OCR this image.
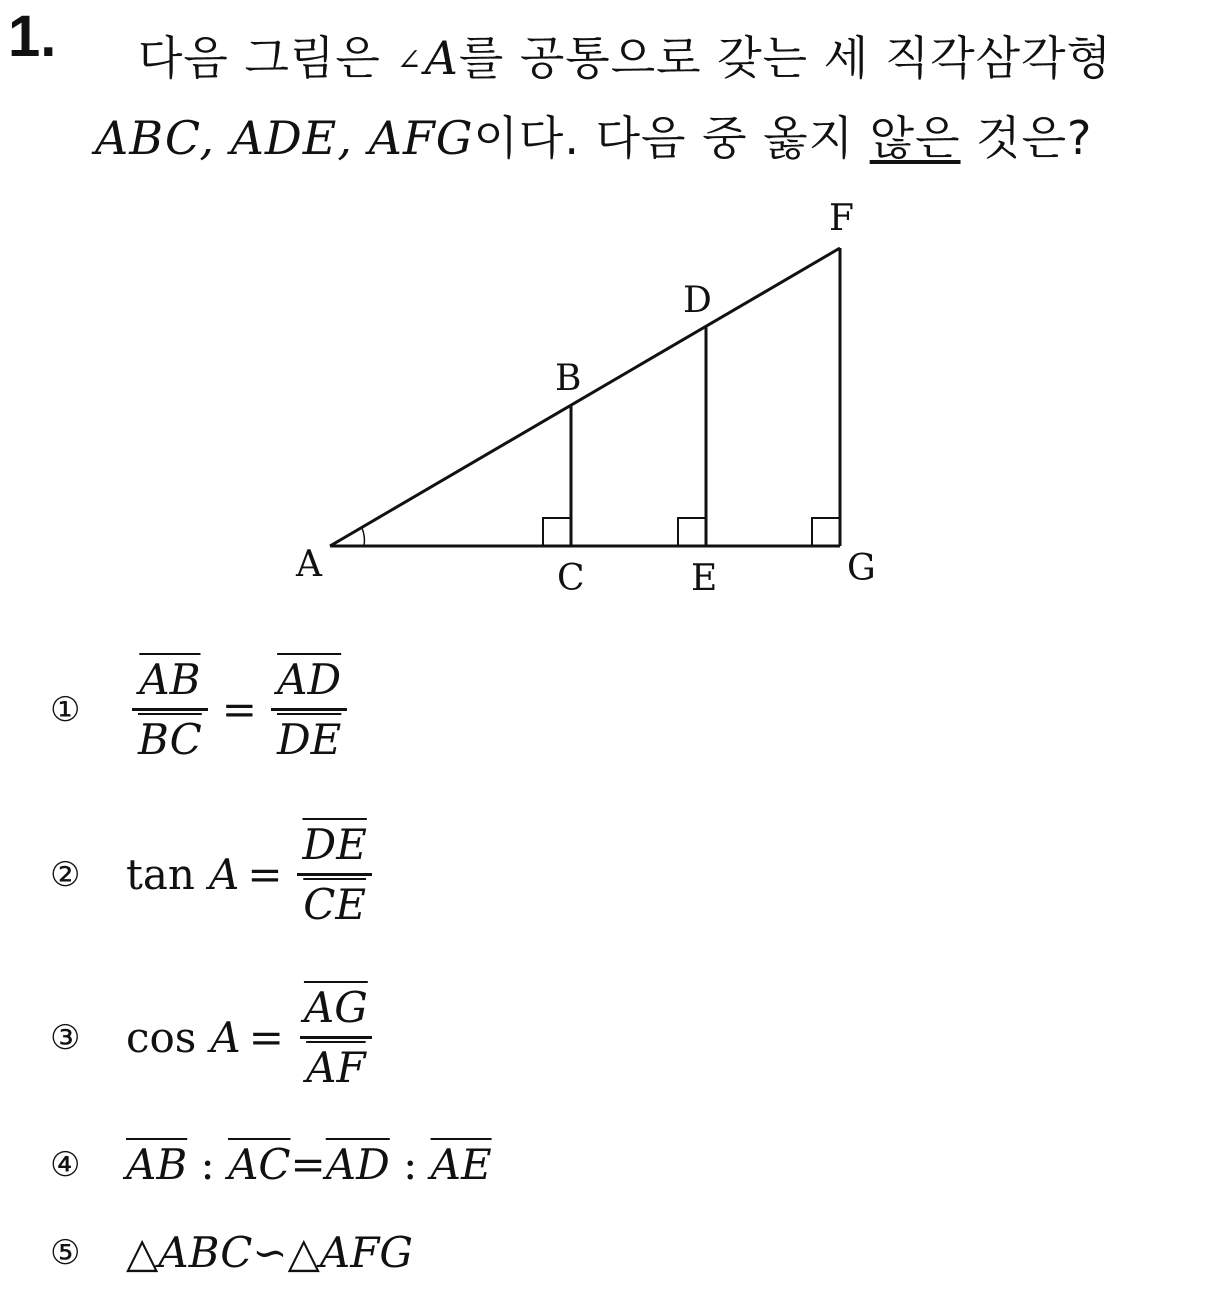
1. 다음 그림은 ∠A를 공통으로 갖는 세 직각삼각형
ABC, ADE, AFG이다. 다음 중 옳지 않은 것은?
A
B
C
D
E
F
G
①	$\frac{\overline{AB}}{BC} = \frac{\overline{AD}}{DE}$
②	$\tan A = \frac{\overline{DE}}{CE}$
③	$\cos A = \frac{\overline{AG}}{AF}$
④	$\overline{AB}$ : $\overline{AC} = \overline{AD}$ : $\overline{AE}$
⑤	△ABC ∽ △AFG
